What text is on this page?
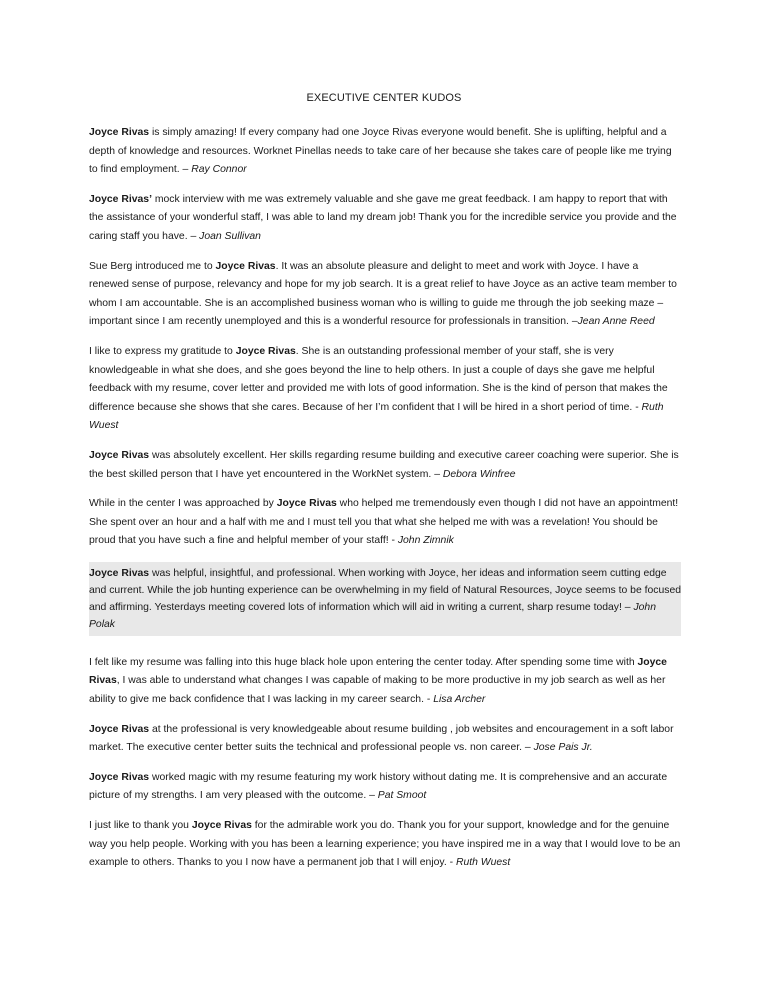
EXECUTIVE CENTER KUDOS

Joyce Rivas is simply amazing! If every company had one Joyce Rivas everyone would benefit. She is uplifting, helpful and a depth of knowledge and resources. Worknet Pinellas needs to take care of her because she takes care of people like me trying to find employment. – Ray Connor

Joyce Rivas’ mock interview with me was extremely valuable and she gave me great feedback. I am happy to report that with the assistance of your wonderful staff, I was able to land my dream job! Thank you for the incredible service you provide and the caring staff you have. – Joan Sullivan

Sue Berg introduced me to Joyce Rivas. It was an absolute pleasure and delight to meet and work with Joyce. I have a renewed sense of purpose, relevancy and hope for my job search. It is a great relief to have Joyce as an active team member to whom I am accountable. She is an accomplished business woman who is willing to guide me through the job seeking maze – important since I am recently unemployed and this is a wonderful resource for professionals in transition. –Jean Anne Reed

I like to express my gratitude to Joyce Rivas. She is an outstanding professional member of your staff, she is very knowledgeable in what she does, and she goes beyond the line to help others. In just a couple of days she gave me helpful feedback with my resume, cover letter and provided me with lots of good information. She is the kind of person that makes the difference because she shows that she cares. Because of her I’m confident that I will be hired in a short period of time. - Ruth Wuest

Joyce Rivas was absolutely excellent. Her skills regarding resume building and executive career coaching were superior. She is the best skilled person that I have yet encountered in the WorkNet system. – Debora Winfree

While in the center I was approached by Joyce Rivas who helped me tremendously even though I did not have an appointment! She spent over an hour and a half with me and I must tell you that what she helped me with was a revelation! You should be proud that you have such a fine and helpful member of your staff! - John Zimnik

Joyce Rivas was helpful, insightful, and professional. When working with Joyce, her ideas and information seem cutting edge and current. While the job hunting experience can be overwhelming in my field of Natural Resources, Joyce seems to be focused and affirming. Yesterdays meeting covered lots of information which will aid in writing a current, sharp resume today! – John Polak

I felt like my resume was falling into this huge black hole upon entering the center today. After spending some time with Joyce Rivas, I was able to understand what changes I was capable of making to be more productive in my job search as well as her ability to give me back confidence that I was lacking in my career search. - Lisa Archer

Joyce Rivas at the professional is very knowledgeable about resume building , job websites and encouragement in a soft labor market. The executive center better suits the technical and professional people vs. non career. – Jose Pais Jr.

Joyce Rivas worked magic with my resume featuring my work history without dating me. It is comprehensive and an accurate picture of my strengths. I am very pleased with the outcome. – Pat Smoot

I just like to thank you Joyce Rivas for the admirable work you do. Thank you for your support, knowledge and for the genuine way you help people. Working with you has been a learning experience; you have inspired me in a way that I would love to be an example to others. Thanks to you I now have a permanent job that I will enjoy. - Ruth Wuest
